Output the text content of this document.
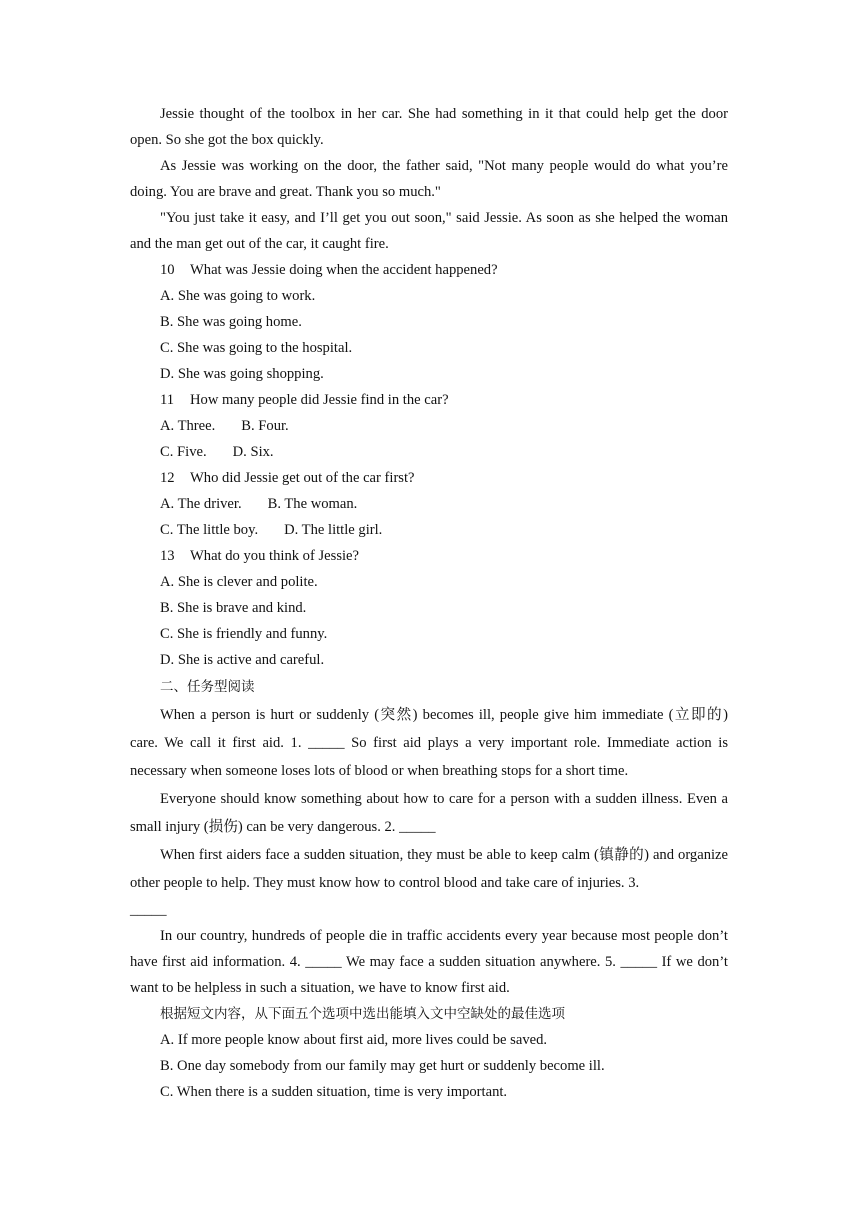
Jessie thought of the toolbox in her car. She had something in it that could help get the door open. So she got the box quickly.

As Jessie was working on the door, the father said, "Not many people would do what you’re doing. You are brave and great. Thank you so much."

"You just take it easy, and I’ll get you out soon," said Jessie. As soon as she helped the woman and the man get out of the car, it caught fire.

10 What was Jessie doing when the accident happened?

A. She was going to work.

B. She was going home.

C. She was going to the hospital.

D. She was going shopping.

11 How many people did Jessie find in the car?

A. Three. B. Four.

C. Five. D. Six.

12 Who did Jessie get out of the car first?

A. The driver. B. The woman.

C. The little boy. D. The little girl.

13 What do you think of Jessie?

A. She is clever and polite.

B. She is brave and kind.

C. She is friendly and funny.

D. She is active and careful.

二、任务型阅读

When a person is hurt or suddenly (突然) becomes ill, people give him immediate (立即的) care. We call it first aid. 1. _____ So first aid plays a very important role. Immediate action is necessary when someone loses lots of blood or when breathing stops for a short time.

Everyone should know something about how to care for a person with a sudden illness. Even a small injury (损伤) can be very dangerous. 2. _____

When first aiders face a sudden situation, they must be able to keep calm (镇静的) and organize other people to help. They must know how to control blood and take care of injuries. 3.

_____

In our country, hundreds of people die in traffic accidents every year because most people don’t have first aid information. 4. _____ We may face a sudden situation anywhere. 5. _____ If we don’t want to be helpless in such a situation, we have to know first aid.

根据短文内容，从下面五个选项中选出能填入文中空缺处的最佳选项

A. If more people know about first aid, more lives could be saved.

B. One day somebody from our family may get hurt or suddenly become ill.

C. When there is a sudden situation, time is very important.
